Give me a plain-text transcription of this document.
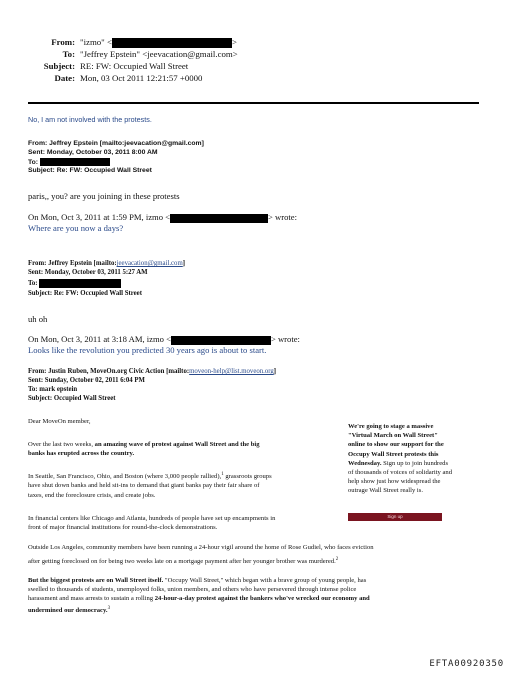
From: "izmo" <	>
To: "Jeffrey Epstein" <jeevacation@gmail.com>
Subject: RE: FW: Occupied Wall Street
Date: Mon, 03 Oct 2011 12:21:57 +0000
No, I am not involved with the protests.
From: Jeffrey Epstein [mailto:jeevacation@gmail.com]
Sent: Monday, October 03, 2011 8:00 AM
To:
Subject: Re: FW: Occupied Wall Street
paris,, you? are you joining in these protests
On Mon, Oct 3, 2011 at 1:59 PM, izmo <	> wrote:
Where are you now a days?
From: Jeffrey Epstein [mailto:jeevacation@gmail.com]
Sent: Monday, October 03, 2011 5:27 AM
To:
Subject: Re: FW: Occupied Wall Street
uh oh
On Mon, Oct 3, 2011 at 3:18 AM, izmo <	> wrote:
Looks like the revolution you predicted 30 years ago is about to start.
From: Justin Ruben, MoveOn.org Civic Action [mailto:moveon-help@list.moveon.org]
Sent: Sunday, October 02, 2011 6:04 PM
To: mark epstein
Subject: Occupied Wall Street
Dear MoveOn member,
Over the last two weeks, an amazing wave of protest against Wall Street and the big
banks has erupted across the country.
In Seattle, San Francisco, Ohio, and Boston (where 3,000 people rallied),$^1$ grassroots groups
have shut down banks and held sit-ins to demand that giant banks pay their fair share of
taxes, end the foreclosure crisis, and create jobs.
In financial centers like Chicago and Atlanta, hundreds of people have set up encampments in
front of major financial institutions for round-the-clock demonstrations.
We're going to stage a massive
"Virtual March on Wall Street"
online to show our support for the
Occupy Wall Street protests this
Wednesday. Sign up to join hundreds
of thousands of voices of solidarity and
help show just how widespread the
outrage Wall Street really is.
Sign up
Outside Los Angeles, community members have been running a 24-hour vigil around the home of Rose Gudiel, who faces eviction
after getting foreclosed on for being two weeks late on a mortgage payment after her younger brother was murdered.$^2$
But the biggest protests are on Wall Street itself. "Occupy Wall Street," which began with a brave group of young people, has
swelled to thousands of students, unemployed folks, union members, and others who have persevered through intense police
harassment and mass arrests to sustain a rolling 24-hour-a-day protest against the bankers who've wrecked our economy and
undermined our democracy.$^3$
EFTA00920350
